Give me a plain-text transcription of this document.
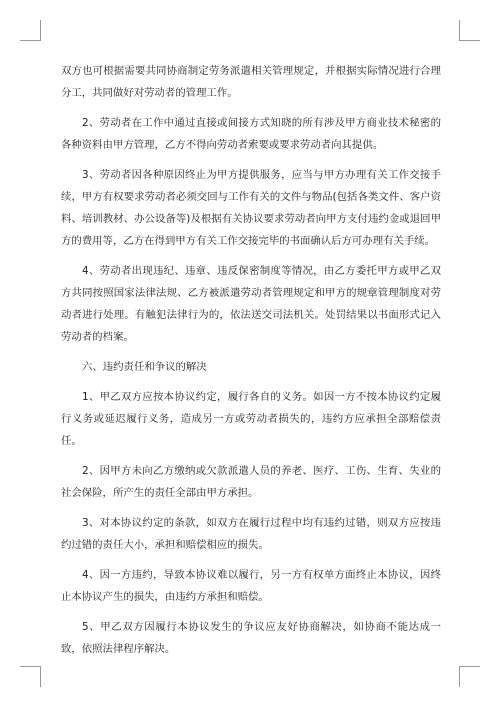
双方也可根据需要共同协商制定劳务派遣相关管理规定，并根据实际情况进行合理分工，共同做好对劳动者的管理工作。

2、劳动者在工作中通过直接或间接方式知晓的所有涉及甲方商业技术秘密的各种资料由甲方管理，乙方不得向劳动者索要或要求劳动者向其提供。

3、劳动者因各种原因终止为甲方提供服务，应当与甲方办理有关工作交接手续，甲方有权要求劳动者必须交回与工作有关的文件与物品(包括各类文件、客户资料、培训教材、办公设备等)及根据有关协议要求劳动者向甲方支付违约金或退回甲方的费用等，乙方在得到甲方有关工作交接完毕的书面确认后方可办理有关手续。

4、劳动者出现违纪、违章、违反保密制度等情况，由乙方委托甲方或甲乙双方共同按照国家法律法规、乙方被派遣劳动者管理规定和甲方的规章管理制度对劳动者进行处理。有触犯法律行为的，依法送交司法机关。处罚结果以书面形式记入劳动者的档案。

六、违约责任和争议的解决

1、甲乙双方应按本协议约定，履行各自的义务。如因一方不按本协议约定履行义务或延迟履行义务，造成另一方或劳动者损失的，违约方应承担全部赔偿责任。

2、因甲方未向乙方缴纳或欠款派遣人员的养老、医疗、工伤、生育、失业的社会保险，所产生的责任全部由甲方承担。

3、对本协议约定的条款，如双方在履行过程中均有违约过错，则双方应按违约过错的责任大小，承担和赔偿相应的损失。

4、因一方违约，导致本协议难以履行，另一方有权单方面终止本协议，因终止本协议产生的损失，由违约方承担和赔偿。

5、甲乙双方因履行本协议发生的争议应友好协商解决，如协商不能达成一致，依照法律程序解决。
